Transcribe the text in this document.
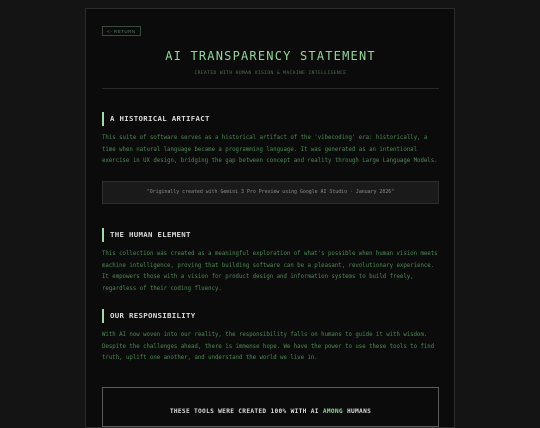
<- RETURN
AI TRANSPARENCY STATEMENT
CREATED WITH HUMAN VISION & MACHINE INTELLIGENCE
A HISTORICAL ARTIFACT

This suite of software serves as a historical artifact of the 'vibecoding' era: historically, a time when natural language became a programming language. It was generated as an intentional exercise in UX design, bridging the gap between concept and reality through Large Language Models.

"Originally created with Gemini 3 Pro Preview using Google AI Studio · January 2026"
THE HUMAN ELEMENT

This collection was created as a meaningful exploration of what's possible when human vision meets machine intelligence, proving that building software can be a pleasant, revolutionary experience. It empowers those with a vision for product design and information systems to build freely, regardless of their coding fluency.

OUR RESPONSIBILITY

With AI now woven into our reality, the responsibility falls on humans to guide it with wisdom. Despite the challenges ahead, there is immense hope. We have the power to use these tools to find truth, uplift one another, and understand the world we live in.

THESE TOOLS WERE CREATED 100% WITH AI AMONG HUMANS
